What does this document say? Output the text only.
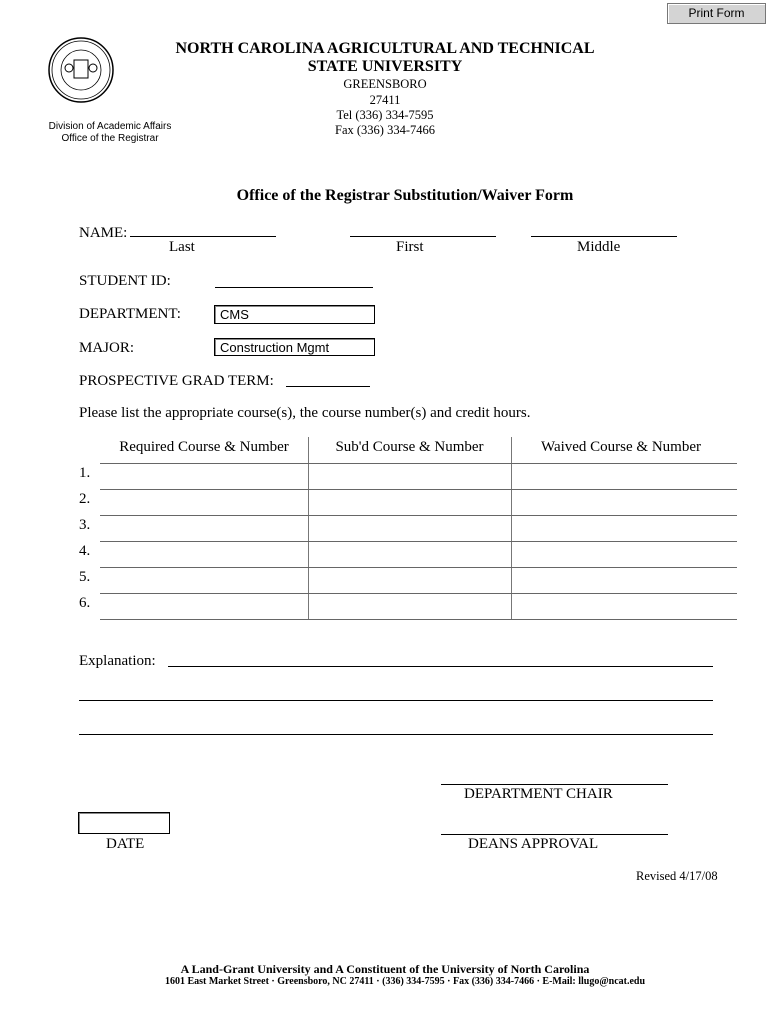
Print Form
NORTH CAROLINA AGRICULTURAL AND TECHNICAL
STATE UNIVERSITY
GREENSBORO
27411
Tel (336) 334-7595
Fax (336) 334-7466
Division of Academic Affairs
Office of the Registrar
Office of the Registrar Substitution/Waiver Form
NAME:
Last	First	Middle
STUDENT ID:
DEPARTMENT:	CMS
MAJOR:	Construction Mgmt
PROSPECTIVE GRAD TERM:
Please list the appropriate course(s), the course number(s) and credit hours.
Required Course & Number	Sub'd Course & Number	Waived Course & Number
1.
2.
3.
4.
5.
6.
Explanation:
DEPARTMENT CHAIR
DATE	DEANS APPROVAL
Revised 4/17/08
A Land-Grant University and A Constituent of the University of North Carolina
1601 East Market Street · Greensboro, NC 27411 · (336) 334-7595 · Fax (336) 334-7466 · E-Mail: llugo@ncat.edu
